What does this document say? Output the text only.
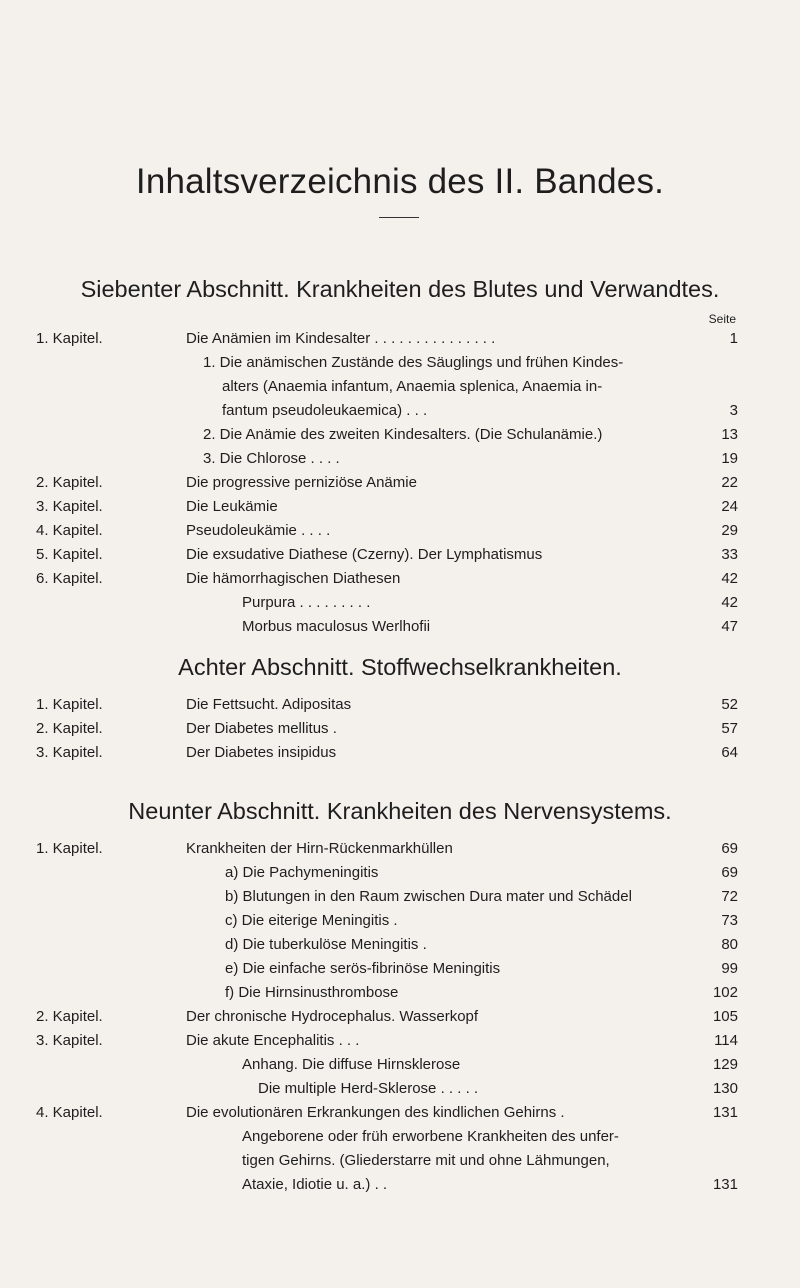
Inhaltsverzeichnis des II. Bandes.
Siebenter Abschnitt. Krankheiten des Blutes und Verwandtes.
Seite
1. Kapitel.	Die Anämien im Kindesalter . . . . . . . . . . . . . . .	1
1. Die anämischen Zustände des Säuglings und frühen Kindes-
alters (Anaemia infantum, Anaemia splenica, Anaemia in-
fantum pseudoleukaemica) . . .	3
2. Die Anämie des zweiten Kindesalters. (Die Schulanämie.)	13
3. Die Chlorose . . . .	19
2. Kapitel.	Die progressive perniziöse Anämie	22
3. Kapitel.	Die Leukämie	24
4. Kapitel.	Pseudoleukämie . . . .	29
5. Kapitel.	Die exsudative Diathese (Czerny). Der Lymphatismus	33
6. Kapitel.	Die hämorrhagischen Diathesen	42
Purpura . . . . . . . . .	42
Morbus maculosus Werlhofii	47
Achter Abschnitt. Stoffwechselkrankheiten.
1. Kapitel.	Die Fettsucht. Adipositas	52
2. Kapitel.	Der Diabetes mellitus .	57
3. Kapitel.	Der Diabetes insipidus	64
Neunter Abschnitt. Krankheiten des Nervensystems.
1. Kapitel.	Krankheiten der Hirn-Rückenmarkhüllen	69
a) Die Pachymeningitis	69
b) Blutungen in den Raum zwischen Dura mater und Schädel	72
c) Die eiterige Meningitis .	73
d) Die tuberkulöse Meningitis .	80
e) Die einfache serös-fibrinöse Meningitis	99
f) Die Hirnsinusthrombose	102
2. Kapitel.	Der chronische Hydrocephalus. Wasserkopf	105
3. Kapitel.	Die akute Encephalitis . . .	114
Anhang. Die diffuse Hirnsklerose	129
Die multiple Herd-Sklerose . . . . .	130
4. Kapitel.	Die evolutionären Erkrankungen des kindlichen Gehirns .	131
Angeborene oder früh erworbene Krankheiten des unfer-
tigen Gehirns. (Gliederstarre mit und ohne Lähmungen,
Ataxie, Idiotie u. a.) . .	131
